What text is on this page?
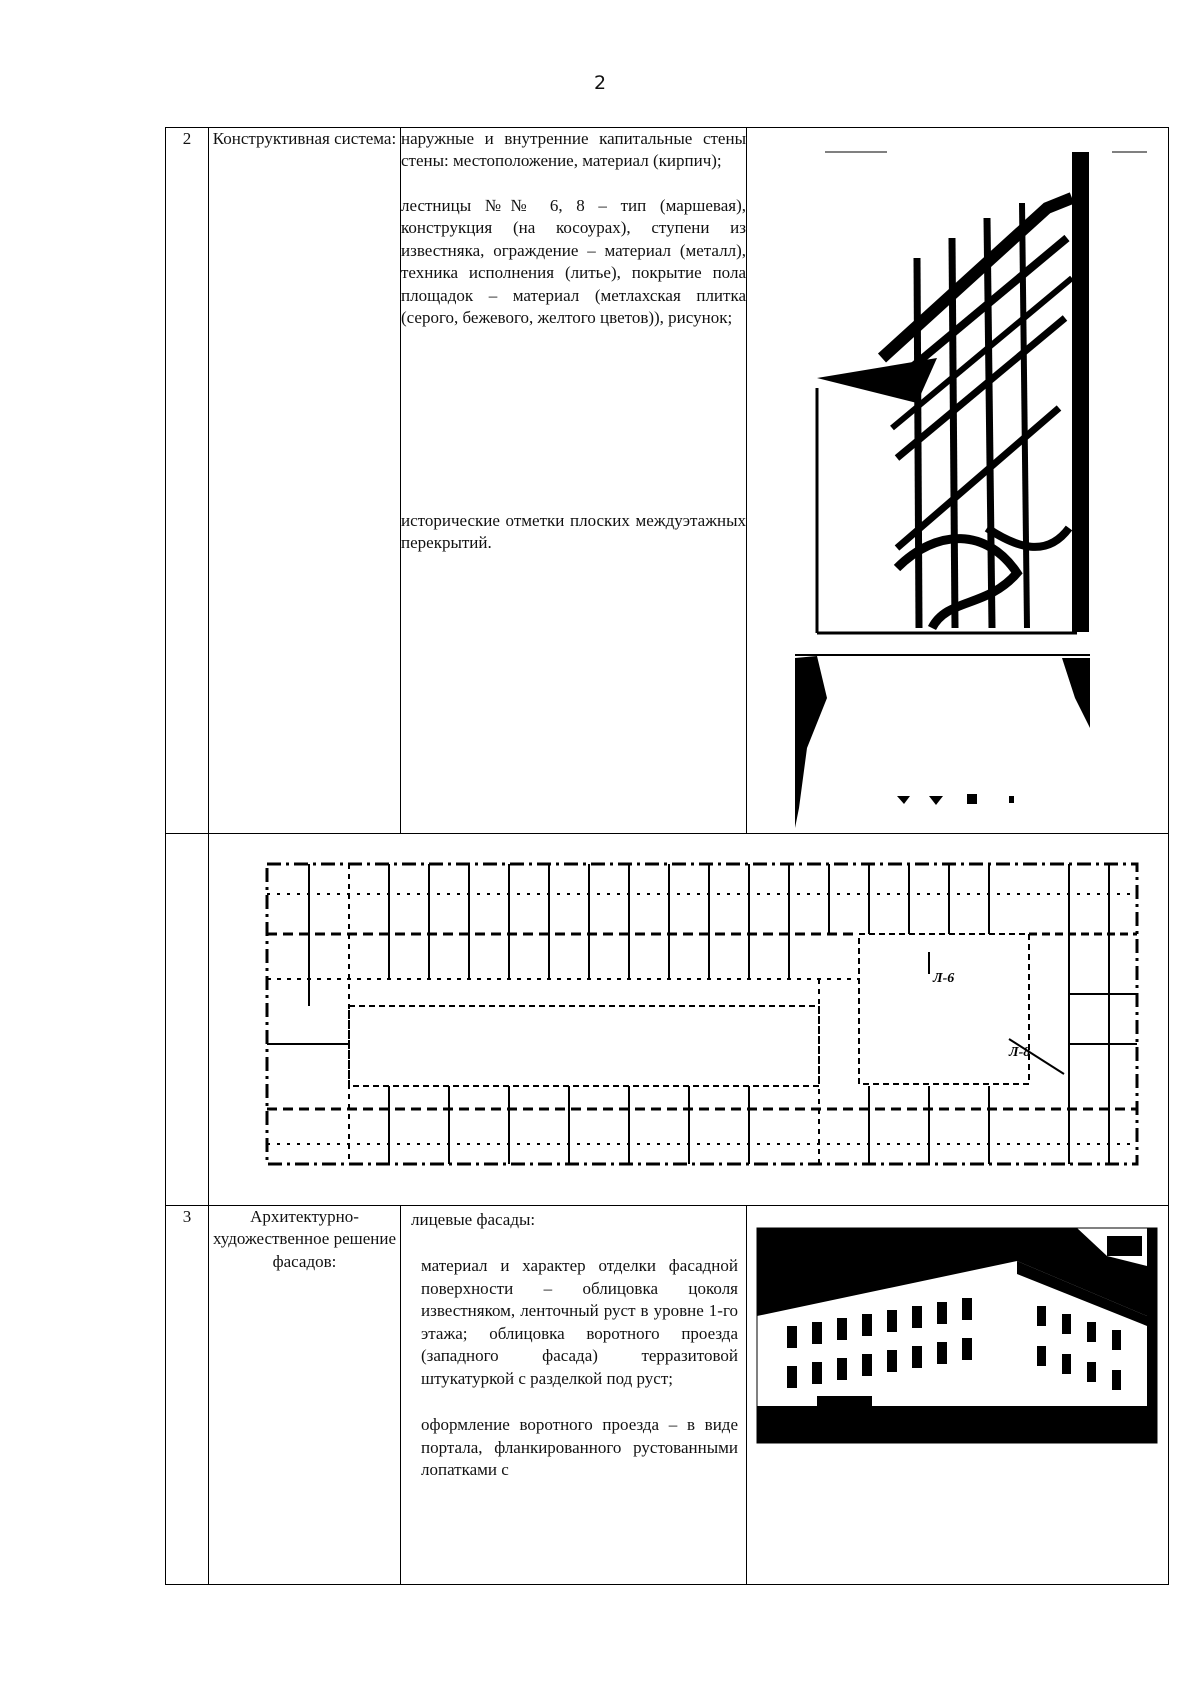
2
2	Конструктивная система:	наружные и внутренние капитальные стены стены: местоположение, материал (кирпич);

лестницы №№ 6, 8 – тип (маршевая), конструкция (на косоурах), ступени из известняка, ограждение – материал (металл), техника исполнения (литье), покрытие пола площадок – материал (метлахская плитка (серого, бежевого, желтого цветов)), рисунок;

исторические отметки плоских междуэтажных перекрытий.

Л-6
Л-8		

3	Архитектурно-художественное решение фасадов:	лицевые фасады:

материал и характер отделки фасадной поверхности – облицовка цоколя известняком, ленточный руст в уровне 1-го этажа; облицовка воротного проезда (западного фасада) терразитовой штукатуркой с разделкой под руст;

оформление воротного проезда – в виде портала, фланкированного рустованными лопатками с
